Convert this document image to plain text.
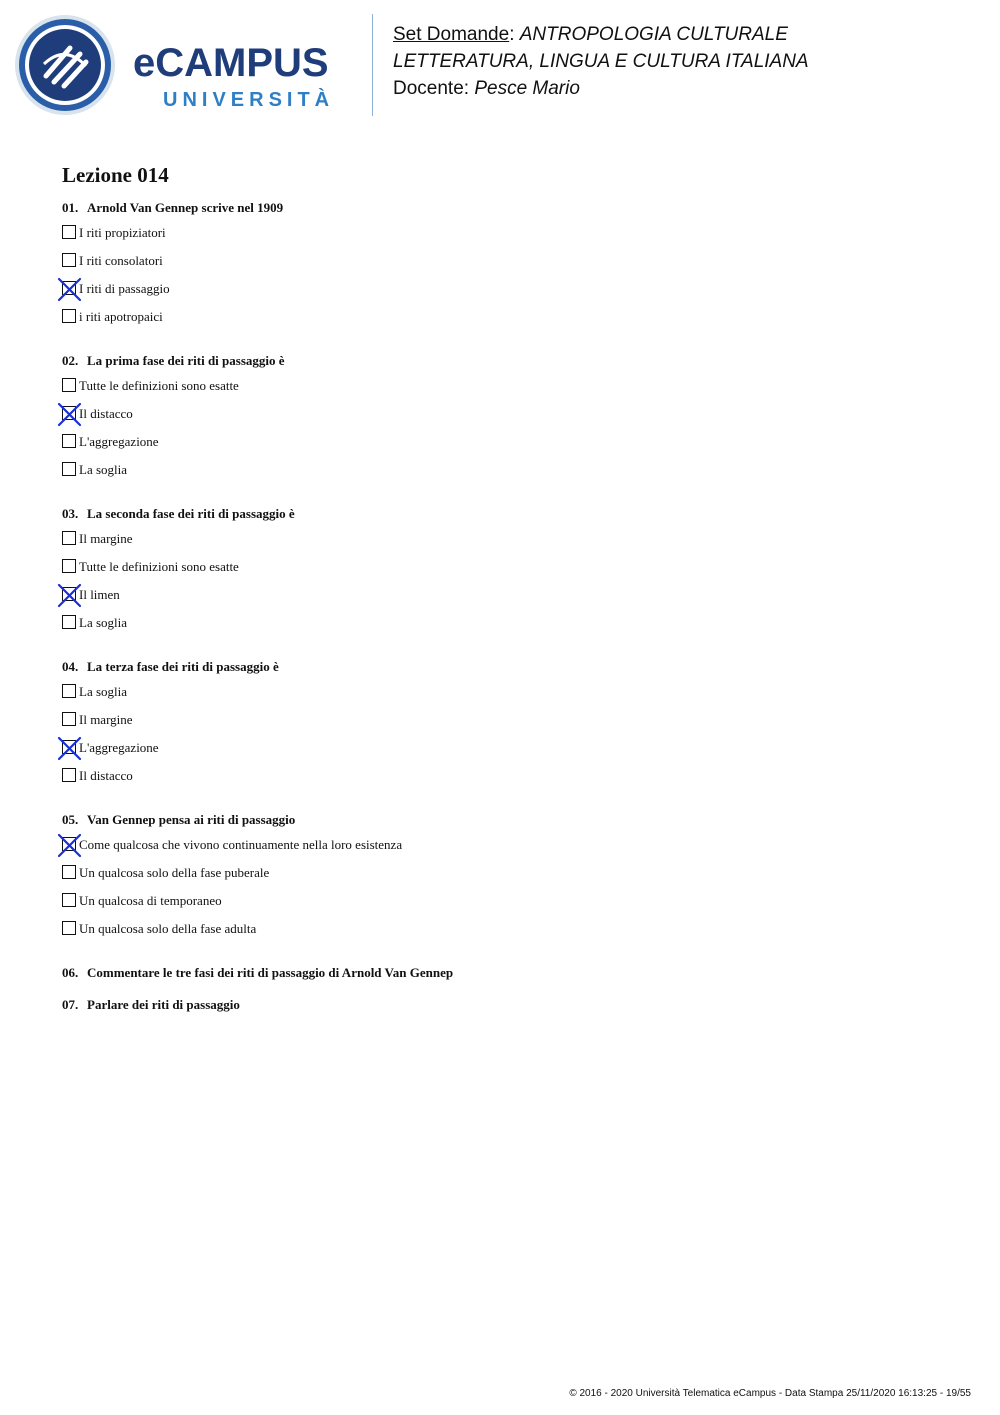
eCAMPUS
UNIVERSITÀ
Set Domande: ANTROPOLOGIA CULTURALE
LETTERATURA, LINGUA E CULTURA ITALIANA
Docente: Pesce Mario
Lezione 014
01. Arnold Van Gennep scrive nel 1909
I riti propiziatori
I riti consolatori
I riti di passaggio
i riti apotropaici
02. La prima fase dei riti di passaggio è
Tutte le definizioni sono esatte
Il distacco
L'aggregazione
La soglia
03. La seconda fase dei riti di passaggio è
Il margine
Tutte le definizioni sono esatte
Il limen
La soglia
04. La terza fase dei riti di passaggio è
La soglia
Il margine
L'aggregazione
Il distacco
05. Van Gennep pensa ai riti di passaggio
Come qualcosa che vivono continuamente nella loro esistenza
Un qualcosa solo della fase puberale
Un qualcosa di temporaneo
Un qualcosa solo della fase adulta
06. Commentare le tre fasi dei riti di passaggio di Arnold Van Gennep
07. Parlare dei riti di passaggio
© 2016 - 2020 Università Telematica eCampus - Data Stampa 25/11/2020 16:13:25 - 19/55
